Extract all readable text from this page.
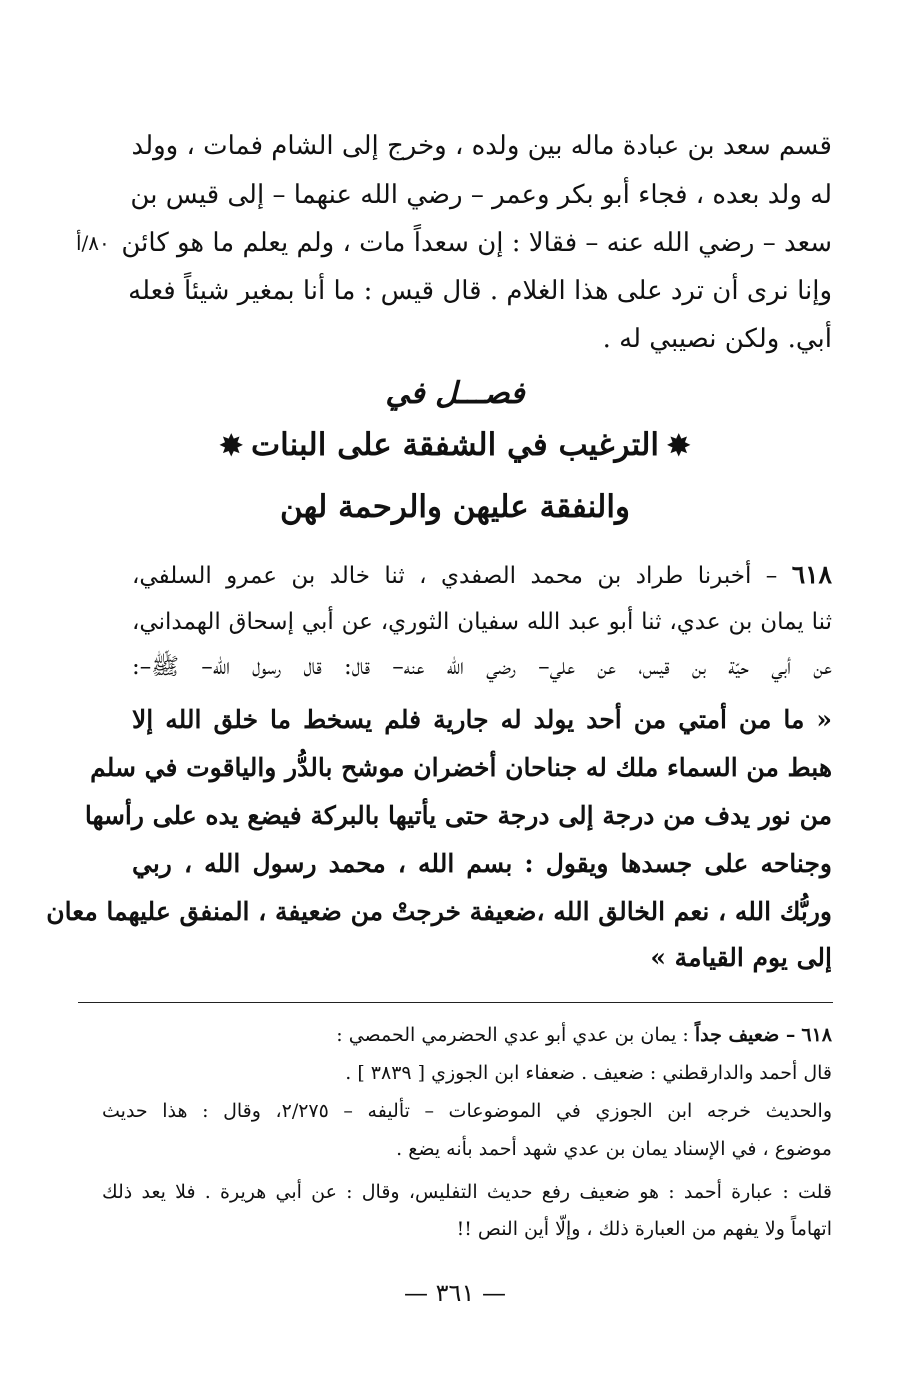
قسم سعد بن عبادة ماله بين ولده ، وخرج إلى الشام فمات ، وولد
له ولد بعده ، فجاء أبو بكر وعمر – رضي الله عنهما – إلى قيس بن
سعد – رضي الله عنه – فقالا : إن سعداً مات ، ولم يعلم ما هو كائن
وإنا نرى أن ترد على هذا الغلام . قال قيس : ما أنا بمغير شيئاً فعله
أبي. ولكن نصيبي له .
٨٠/أ
فصـــل في
✸الترغيب في الشفقة على البنات✸
والنفقة عليهن والرحمة لهن
٦١٨ – أخبرنا طراد بن محمد الصفدي ، ثنا خالد بن عمرو السلفي،
ثنا يمان بن عدي، ثنا أبو عبد الله سفيان الثوري، عن أبي إسحاق الهمداني،
عن أبي حيّة بن قيس، عن علي– رضي الله عنه– قال: قال رسول الله– ﷺ–:
« ما من أمتي من أحد يولد له جارية فلم يسخط ما خلق الله إلا
هبط من السماء ملك له جناحان أخضران موشح بالدُّر والياقوت في سلم
من نور يدف من درجة إلى درجة حتى يأتيها بالبركة فيضع يده على رأسها
وجناحه على جسدها ويقول : بسم الله ، محمد رسول الله ، ربي
وربُّك الله ، نعم الخالق الله ،ضعيفة خرجتْ من ضعيفة ، المنفق عليهما معان
إلى يوم القيامة »
٦١٨ – ضعيف جداً : يمان بن عدي أبو عدي الحضرمي الحمصي :
قال أحمد والدارقطني : ضعيف . ضعفاء ابن الجوزي [ ٣٨٣٩ ] .
والحديث خرجه ابن الجوزي في الموضوعات – تأليفه – ٢/٢٧٥، وقال : هذا حديث
موضوع ، في الإسناد يمان بن عدي شهد أحمد بأنه يضع .
قلت : عبارة أحمد : هو ضعيف رفع حديث التفليس، وقال : عن أبي هريرة . فلا يعد ذلك
اتهاماً ولا يفهم من العبارة ذلك ، وإلّا أين النص !!
— ٣٦١ —
